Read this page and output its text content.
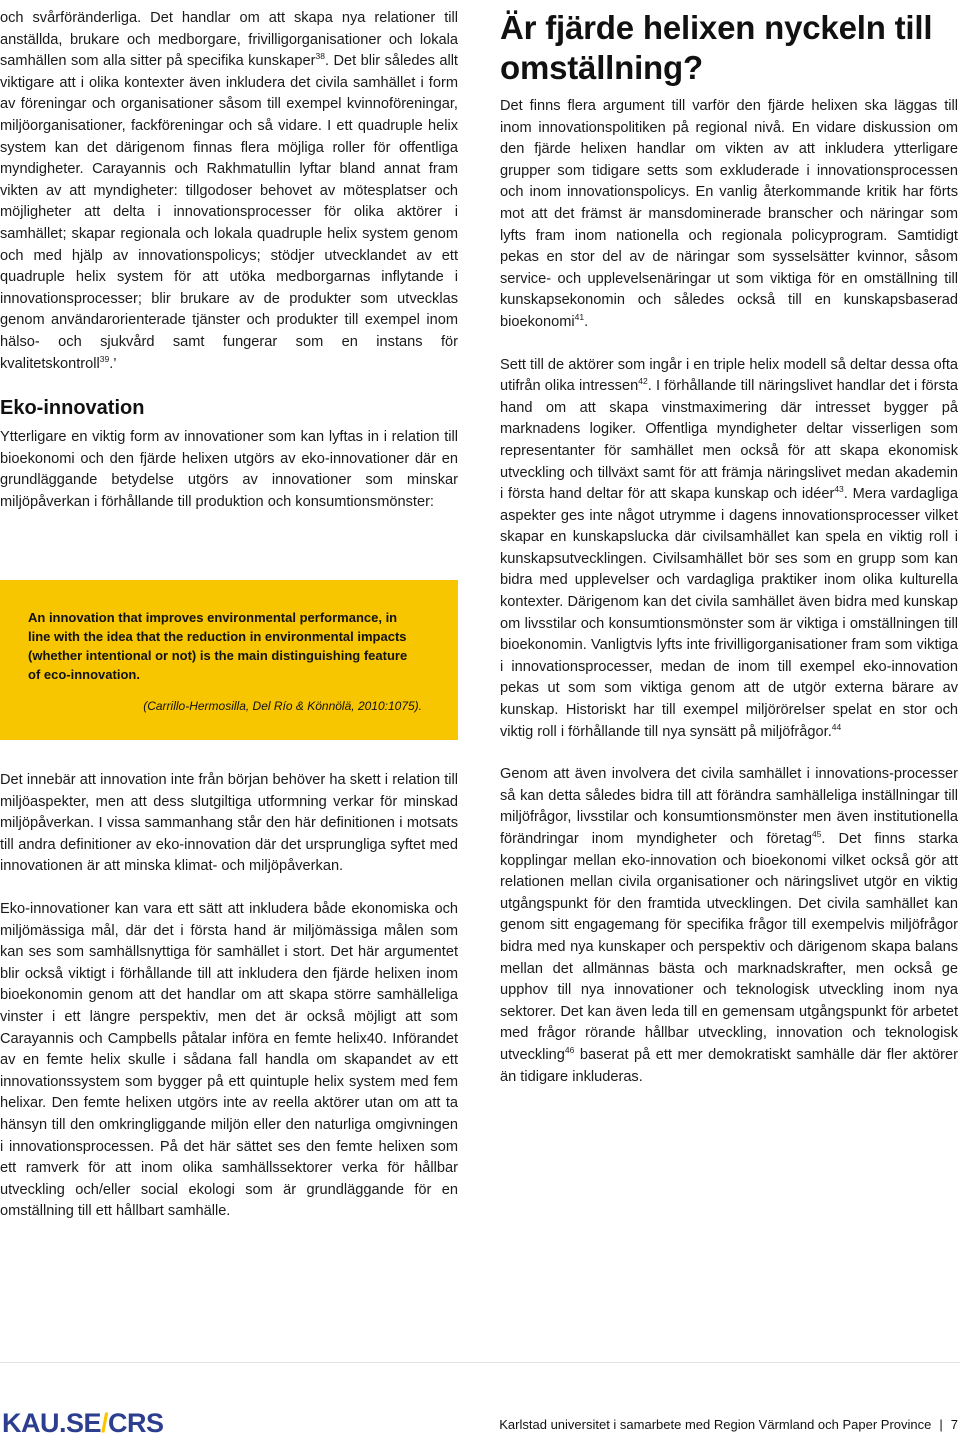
och svårföränderliga. Det handlar om att skapa nya relationer till anställda, brukare och medborgare, frivilligorganisationer och lokala samhällen som alla sitter på specifika kunskaper$^{38}$. Det blir således allt viktigare att i olika kontexter även inkludera det civila samhället i form av föreningar och organisationer såsom till exempel kvinnoföreningar, miljöorganisationer, fackföreningar och så vidare. I ett quadruple helix system kan det därigenom finnas flera möjliga roller för offentliga myndigheter. Carayannis och Rakhmatullin lyftar bland annat fram vikten av att myndigheter: tillgodoser behovet av mötesplatser och möjligheter att delta i innovationsprocesser för olika aktörer i samhället; skapar regionala och lokala quadruple helix system genom och med hjälp av innovationspolicys; stödjer utvecklandet av ett quadruple helix system för att utöka medborgarnas inflytande i innovationsprocesser; blir brukare av de produkter som utvecklas genom användarorienterade tjänster och produkter till exempel inom hälso- och sjukvård samt fungerar som en instans för kvalitetskontroll$^{39}$.’

Eko-innovation

Ytterligare en viktig form av innovationer som kan lyftas in i relation till bioekonomi och den fjärde helixen utgörs av eko-innovationer där en grundläggande betydelse utgörs av innovationer som minskar miljöpåverkan i förhållande till produktion och konsumtionsmönster:

An innovation that improves environmental performance, in line with the idea that the reduction in environmental impacts (whether intentional or not) is the main distinguishing feature of eco-innovation.
(Carrillo-Hermosilla, Del Río & Könnölä, 2010:1075).

Det innebär att innovation inte från början behöver ha skett i relation till miljöaspekter, men att dess slutgiltiga utformning verkar för minskad miljöpåverkan. I vissa sammanhang står den här definitionen i motsats till andra definitioner av eko-innovation där det ursprungliga syftet med innovationen är att minska klimat- och miljöpåverkan.

Eko-innovationer kan vara ett sätt att inkludera både ekonomiska och miljömässiga mål, där det i första hand är miljömässiga målen som kan ses som samhällsnyttiga för samhället i stort. Det här argumentet blir också viktigt i förhållande till att inkludera den fjärde helixen inom bioekonomin genom att det handlar om att skapa större samhälleliga vinster i ett längre perspektiv, men det är också möjligt att som Carayannis och Campbells påtalar införa en femte helix40. Införandet av en femte helix skulle i sådana fall handla om skapandet av ett innovationssystem som bygger på ett quintuple helix system med fem helixar. Den femte helixen utgörs inte av reella aktörer utan om att ta hänsyn till den omkringliggande miljön eller den naturliga omgivningen i innovationsprocessen. På det här sättet ses den femte helixen som ett ramverk för att inom olika samhällssektorer verka för hållbar utveckling och/eller social ekologi som är grundläggande för en omställning till ett hållbart samhälle.

Är fjärde helixen nyckeln till omställning?

Det finns flera argument till varför den fjärde helixen ska läggas till inom innovationspolitiken på regional nivå. En vidare diskussion om den fjärde helixen handlar om vikten av att inkludera ytterligare grupper som tidigare setts som exkluderade i innovationsprocessen och inom innovationspolicys. En vanlig återkommande kritik har förts mot att det främst är mansdominerade branscher och näringar som lyfts fram inom nationella och regionala policyprogram. Samtidigt pekas en stor del av de näringar som sysselsätter kvinnor, såsom service- och upplevelsenäringar ut som viktiga för en omställning till kunskapsekonomin och således också till en kunskapsbaserad bioekonomi$^{41}$.

Sett till de aktörer som ingår i en triple helix modell så deltar dessa ofta utifrån olika intressen$^{42}$. I förhållande till näringslivet handlar det i första hand om att skapa vinstmaximering där intresset bygger på marknadens logiker. Offentliga myndigheter deltar visserligen som representanter för samhället men också för att skapa ekonomisk utveckling och tillväxt samt för att främja näringslivet medan akademin i första hand deltar för att skapa kunskap och idéer$^{43}$. Mera vardagliga aspekter ges inte något utrymme i dagens innovationsprocesser vilket skapar en kunskapslucka där civilsamhället kan spela en viktig roll i kunskapsutvecklingen. Civilsamhället bör ses som en grupp som kan bidra med upplevelser och vardagliga praktiker inom olika kulturella kontexter. Därigenom kan det civila samhället även bidra med kunskap om livsstilar och konsumtionsmönster som är viktiga i omställningen till bioekonomin. Vanligtvis lyfts inte frivilligorganisationer fram som viktiga i innovationsprocesser, medan de inom till exempel eko-innovation pekas ut som som viktiga genom att de utgör externa bärare av kunskap. Historiskt har till exempel miljörörelser spelat en stor och viktig roll i förhållande till nya synsätt på miljöfrågor.$^{44}$

Genom att även involvera det civila samhället i innovations-processer så kan detta således bidra till att förändra samhälleliga inställningar till miljöfrågor, livsstilar och konsumtionsmönster men även institutionella förändringar inom myndigheter och företag$^{45}$. Det finns starka kopplingar mellan eko-innovation och bioekonomi vilket också gör att relationen mellan civila organisationer och näringslivet utgör en viktig utgångspunkt för den framtida utvecklingen. Det civila samhället kan genom sitt engagemang för specifika frågor till exempelvis miljöfrågor bidra med nya kunskaper och perspektiv och därigenom skapa balans mellan det allmännas bästa och marknadskrafter, men också ge upphov till nya innovationer och teknologisk utveckling inom nya sektorer. Det kan även leda till en gemensam utgångspunkt för arbetet med frågor rörande hållbar utveckling, innovation och teknologisk utveckling$^{46}$ baserat på ett mer demokratiskt samhälle där fler aktörer än tidigare inkluderas.

KAU.SE/CRS	Karlstad universitet i samarbete med Region Värmland och Paper Province | 7
